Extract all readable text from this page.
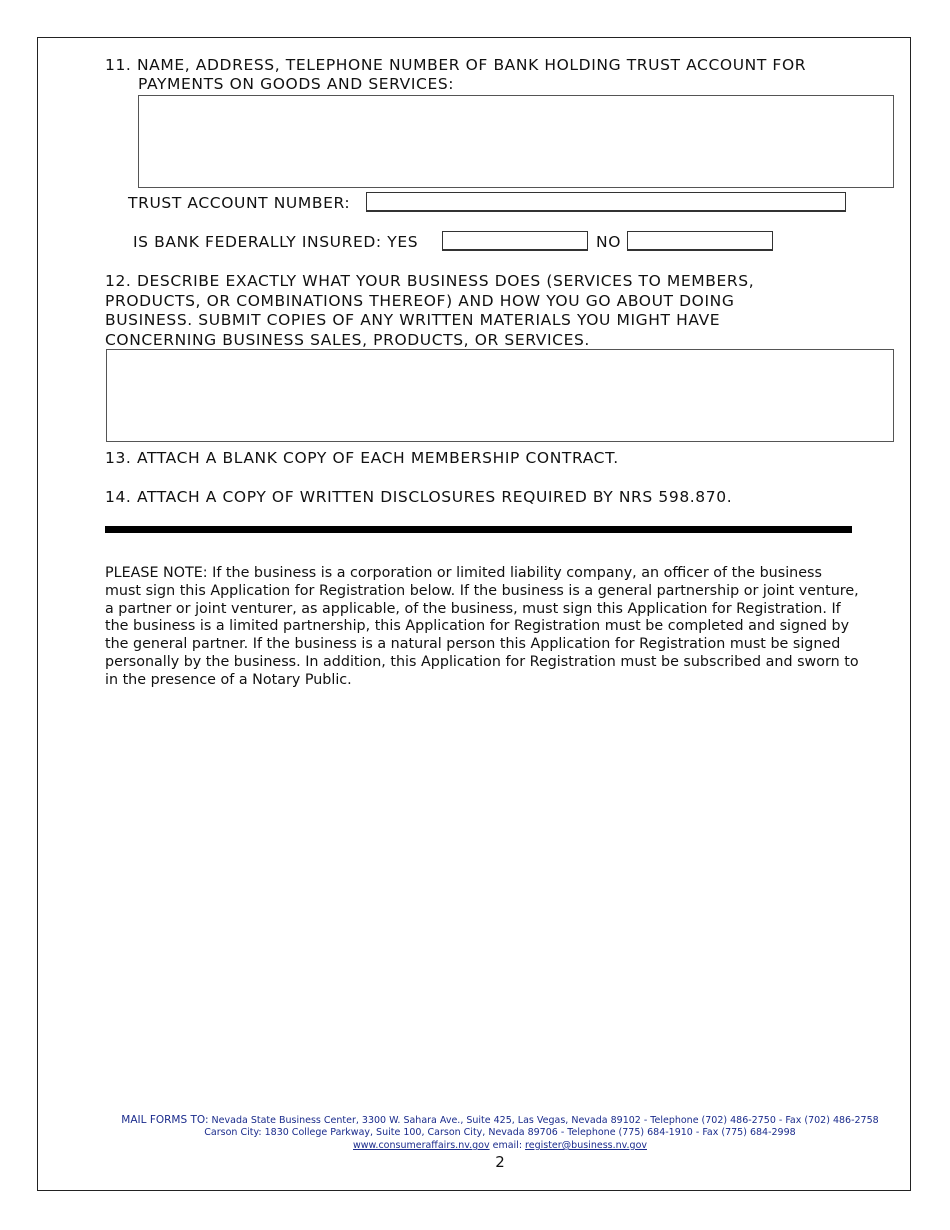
11. NAME, ADDRESS, TELEPHONE NUMBER OF BANK HOLDING TRUST ACCOUNT FOR
PAYMENTS ON GOODS AND SERVICES:
TRUST ACCOUNT NUMBER:
IS BANK FEDERALLY INSURED: YES	NO
12. DESCRIBE EXACTLY WHAT YOUR BUSINESS DOES (SERVICES TO MEMBERS,
PRODUCTS, OR COMBINATIONS THEREOF) AND HOW YOU GO ABOUT DOING
BUSINESS. SUBMIT COPIES OF ANY WRITTEN MATERIALS YOU MIGHT HAVE
CONCERNING BUSINESS SALES, PRODUCTS, OR SERVICES.
13. ATTACH A BLANK COPY OF EACH MEMBERSHIP CONTRACT.
14. ATTACH A COPY OF WRITTEN DISCLOSURES REQUIRED BY NRS 598.870.
PLEASE NOTE: If the business is a corporation or limited liability company, an officer of the business
must sign this Application for Registration below. If the business is a general partnership or joint venture,
a partner or joint venturer, as applicable, of the business, must sign this Application for Registration. If
the business is a limited partnership, this Application for Registration must be completed and signed by
the general partner. If the business is a natural person this Application for Registration must be signed
personally by the business. In addition, this Application for Registration must be subscribed and sworn to
in the presence of a Notary Public.
MAIL FORMS TO: Nevada State Business Center, 3300 W. Sahara Ave., Suite 425, Las Vegas, Nevada 89102 - Telephone (702) 486-2750 - Fax (702) 486-2758
Carson City: 1830 College Parkway, Suite 100, Carson City, Nevada 89706 - Telephone (775) 684-1910 - Fax (775) 684-2998
www.consumeraffairs.nv.gov email: register@business.nv.gov
2
